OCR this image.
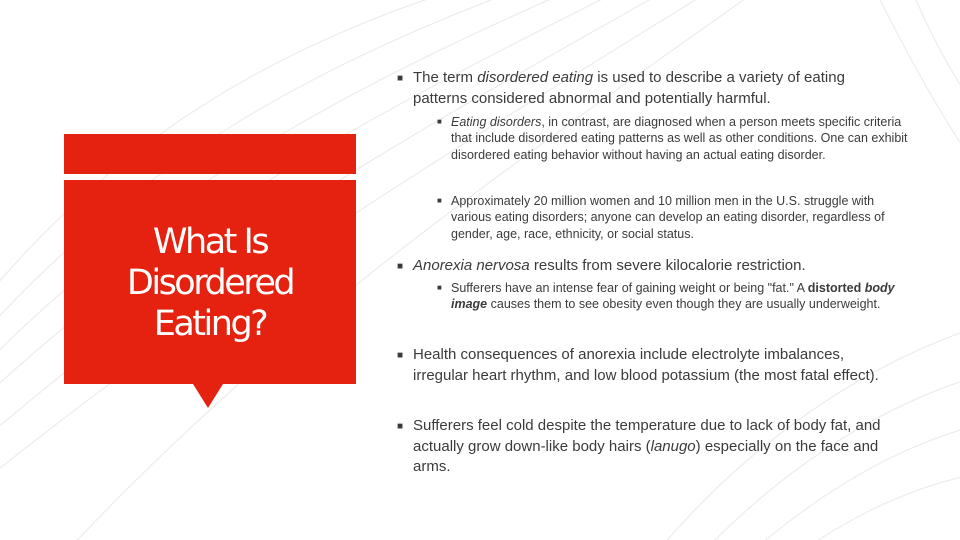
What Is
Disordered
Eating?
■ The term disordered eating is used to describe a variety of eating patterns considered abnormal and potentially harmful.
■ Eating disorders, in contrast, are diagnosed when a person meets specific criteria that include disordered eating patterns as well as other conditions. One can exhibit disordered eating behavior without having an actual eating disorder.
■ Approximately 20 million women and 10 million men in the U.S. struggle with various eating disorders; anyone can develop an eating disorder, regardless of gender, age, race, ethnicity, or social status.
■ Anorexia nervosa results from severe kilocalorie restriction.
■ Sufferers have an intense fear of gaining weight or being "fat." A distorted body image causes them to see obesity even though they are usually underweight.
■ Health consequences of anorexia include electrolyte imbalances, irregular heart rhythm, and low blood potassium (the most fatal effect).
■ Sufferers feel cold despite the temperature due to lack of body fat, and actually grow down-like body hairs (lanugo) especially on the face and arms.
